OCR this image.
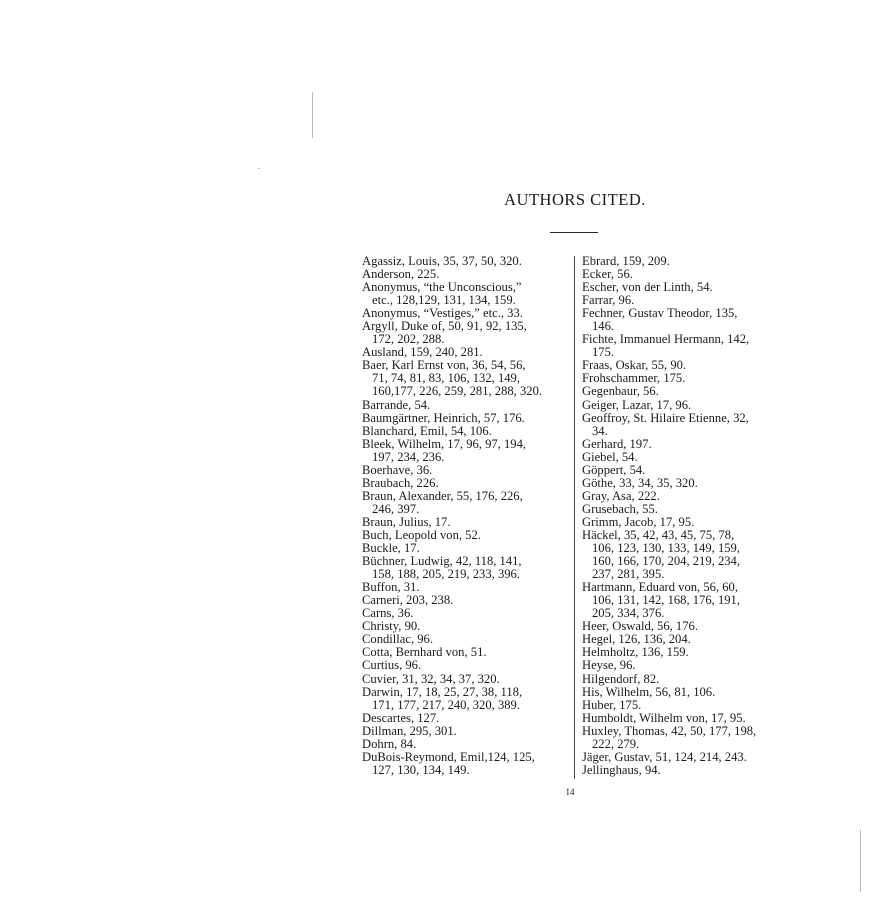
AUTHORS CITED.
Agassiz, Louis, 35, 37, 50, 320.
Anderson, 225.
Anonymus, “the Unconscious,”
etc., 128,129, 131, 134, 159.
Anonymus, “Vestiges,” etc., 33.
Argyll, Duke of, 50, 91, 92, 135,
172, 202, 288.
Ausland, 159, 240, 281.
Baer, Karl Ernst von, 36, 54, 56,
71, 74, 81, 83, 106, 132, 149,
160,177, 226, 259, 281, 288, 320.
Barrande, 54.
Baumgärtner, Heinrich, 57, 176.
Blanchard, Emil, 54, 106.
Bleek, Wilhelm, 17, 96, 97, 194,
197, 234, 236.
Boerhave, 36.
Braubach, 226.
Braun, Alexander, 55, 176, 226,
246, 397.
Braun, Julius, 17.
Buch, Leopold von, 52.
Buckle, 17.
Büchner, Ludwig, 42, 118, 141,
158, 188, 205, 219, 233, 396.
Buffon, 31.
Carneri, 203, 238.
Carns, 36.
Christy, 90.
Condillac, 96.
Cotta, Bernhard von, 51.
Curtius, 96.
Cuvier, 31, 32, 34, 37, 320.
Darwin, 17, 18, 25, 27, 38, 118,
171, 177, 217, 240, 320, 389.
Descartes, 127.
Dillman, 295, 301.
Dohrn, 84.
DuBois-Reymond, Emil,124, 125,
127, 130, 134, 149.
Ebrard, 159, 209.
Ecker, 56.
Escher, von der Linth, 54.
Farrar, 96.
Fechner, Gustav Theodor, 135,
146.
Fichte, Immanuel Hermann, 142,
175.
Fraas, Oskar, 55, 90.
Frohschammer, 175.
Gegenbaur, 56.
Geiger, Lazar, 17, 96.
Geoffroy, St. Hilaire Etienne, 32,
34.
Gerhard, 197.
Giebel, 54.
Göppert, 54.
Göthe, 33, 34, 35, 320.
Gray, Asa, 222.
Grusebach, 55.
Grimm, Jacob, 17, 95.
Häckel, 35, 42, 43, 45, 75, 78,
106, 123, 130, 133, 149, 159,
160, 166, 170, 204, 219, 234,
237, 281, 395.
Hartmann, Eduard von, 56, 60,
106, 131, 142, 168, 176, 191,
205, 334, 376.
Heer, Oswald, 56, 176.
Hegel, 126, 136, 204.
Helmholtz, 136, 159.
Heyse, 96.
Hilgendorf, 82.
His, Wilhelm, 56, 81, 106.
Huber, 175.
Humboldt, Wilhelm von, 17, 95.
Huxley, Thomas, 42, 50, 177, 198,
222, 279.
Jäger, Gustav, 51, 124, 214, 243.
Jellinghaus, 94.
14
